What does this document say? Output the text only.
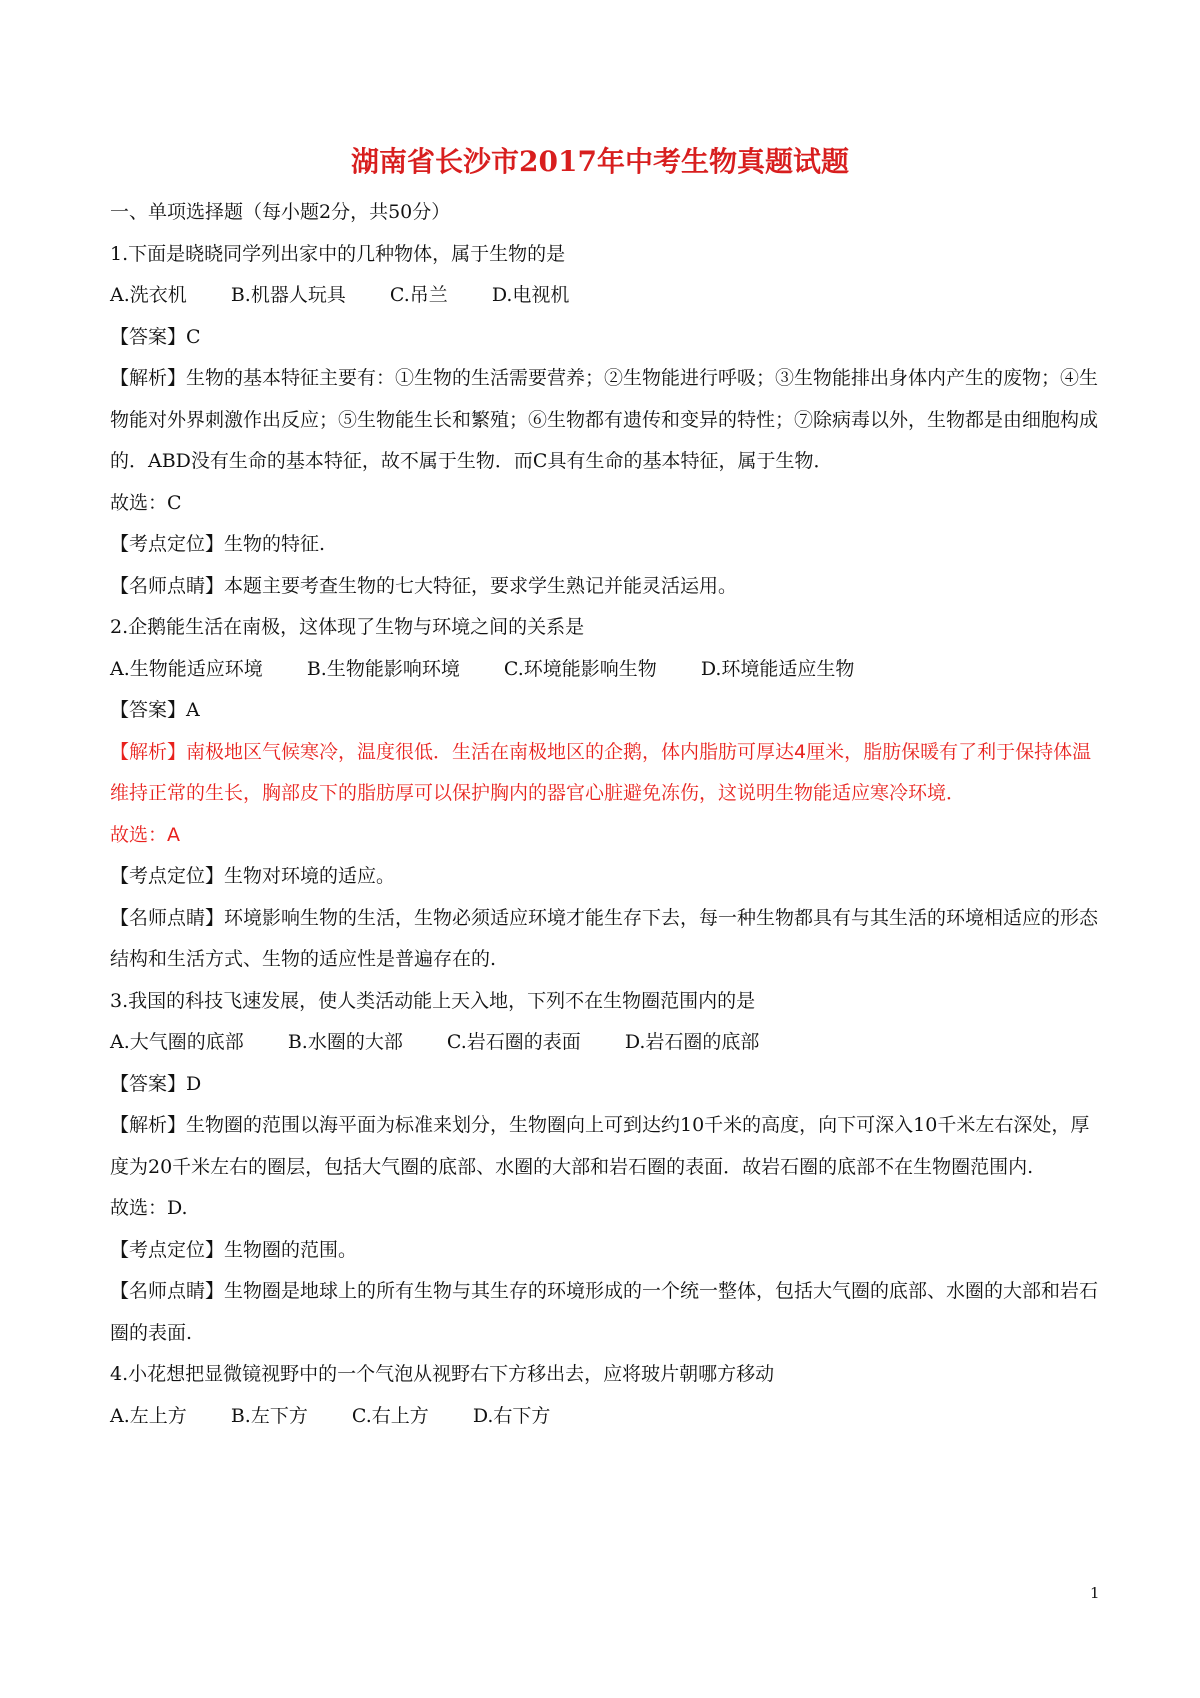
湖南省长沙市2017年中考生物真题试题
一、单项选择题（每小题2分，共50分）
1.下面是晓晓同学列出家中的几种物体，属于生物的是
A.洗衣机 B.机器人玩具 C.吊兰 D.电视机
【答案】C
【解析】生物的基本特征主要有：①生物的生活需要营养；②生物能进行呼吸；③生物能排出身体内产生的废物；④生物能对外界刺激作出反应；⑤生物能生长和繁殖；⑥生物都有遗传和变异的特性；⑦除病毒以外，生物都是由细胞构成的．ABD没有生命的基本特征，故不属于生物．而C具有生命的基本特征，属于生物．
故选：C
【考点定位】生物的特征.
【名师点睛】本题主要考查生物的七大特征，要求学生熟记并能灵活运用。
2.企鹅能生活在南极，这体现了生物与环境之间的关系是
A.生物能适应环境 B.生物能影响环境 C.环境能影响生物 D.环境能适应生物
【答案】A
【解析】南极地区气候寒冷，温度很低．生活在南极地区的企鹅，体内脂肪可厚达4厘米，脂肪保暖有了利于保持体温维持正常的生长，胸部皮下的脂肪厚可以保护胸内的器官心脏避免冻伤，这说明生物能适应寒冷环境．
故选：A
【考点定位】生物对环境的适应。
【名师点睛】环境影响生物的生活，生物必须适应环境才能生存下去，每一种生物都具有与其生活的环境相适应的形态结构和生活方式、生物的适应性是普遍存在的.
3.我国的科技飞速发展，使人类活动能上天入地，下列不在生物圈范围内的是
A.大气圈的底部 B.水圈的大部 C.岩石圈的表面 D.岩石圈的底部
【答案】D
【解析】生物圈的范围以海平面为标准来划分，生物圈向上可到达约10千米的高度，向下可深入10千米左右深处，厚度为20千米左右的圈层，包括大气圈的底部、水圈的大部和岩石圈的表面．故岩石圈的底部不在生物圈范围内.
故选：D.
【考点定位】生物圈的范围。
【名师点睛】生物圈是地球上的所有生物与其生存的环境形成的一个统一整体，包括大气圈的底部、水圈的大部和岩石圈的表面.
4.小花想把显微镜视野中的一个气泡从视野右下方移出去，应将玻片朝哪方移动
A.左上方 B.左下方 C.右上方 D.右下方
1
